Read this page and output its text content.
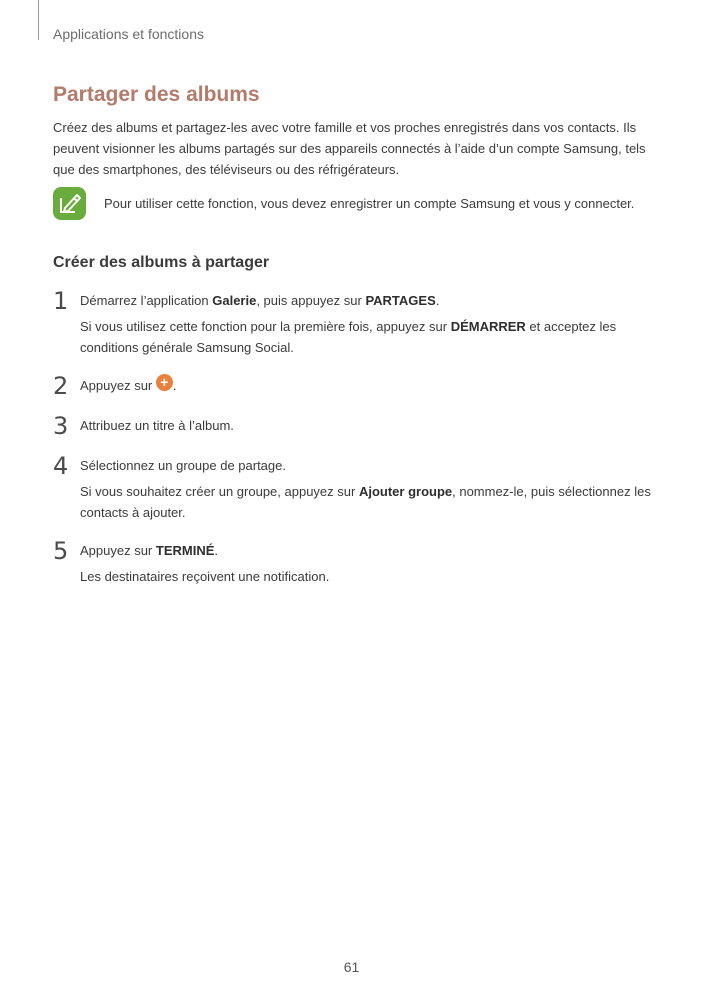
Applications et fonctions
Partager des albums
Créez des albums et partagez-les avec votre famille et vos proches enregistrés dans vos contacts. Ils peuvent visionner les albums partagés sur des appareils connectés à l’aide d’un compte Samsung, tels que des smartphones, des téléviseurs ou des réfrigérateurs.
Pour utiliser cette fonction, vous devez enregistrer un compte Samsung et vous y connecter.
Créer des albums à partager
1 Démarrez l’application Galerie, puis appuyez sur PARTAGES.
Si vous utilisez cette fonction pour la première fois, appuyez sur DÉMARRER et acceptez les conditions générale Samsung Social.
2 Appuyez sur + .
3 Attribuez un titre à l’album.
4 Sélectionnez un groupe de partage.
Si vous souhaitez créer un groupe, appuyez sur Ajouter groupe, nommez-le, puis sélectionnez les contacts à ajouter.
5 Appuyez sur TERMINÉ.
Les destinataires reçoivent une notification.
61
